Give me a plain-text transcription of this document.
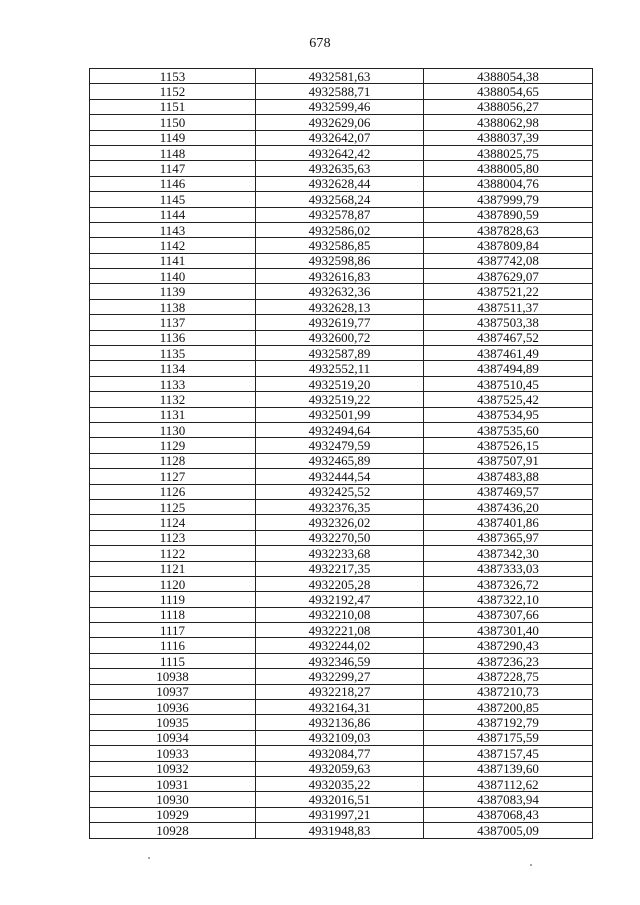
678
1153	4932581,63	4388054,38
1152	4932588,71	4388054,65
1151	4932599,46	4388056,27
1150	4932629,06	4388062,98
1149	4932642,07	4388037,39
1148	4932642,42	4388025,75
1147	4932635,63	4388005,80
1146	4932628,44	4388004,76
1145	4932568,24	4387999,79
1144	4932578,87	4387890,59
1143	4932586,02	4387828,63
1142	4932586,85	4387809,84
1141	4932598,86	4387742,08
1140	4932616,83	4387629,07
1139	4932632,36	4387521,22
1138	4932628,13	4387511,37
1137	4932619,77	4387503,38
1136	4932600,72	4387467,52
1135	4932587,89	4387461,49
1134	4932552,11	4387494,89
1133	4932519,20	4387510,45
1132	4932519,22	4387525,42
1131	4932501,99	4387534,95
1130	4932494,64	4387535,60
1129	4932479,59	4387526,15
1128	4932465,89	4387507,91
1127	4932444,54	4387483,88
1126	4932425,52	4387469,57
1125	4932376,35	4387436,20
1124	4932326,02	4387401,86
1123	4932270,50	4387365,97
1122	4932233,68	4387342,30
1121	4932217,35	4387333,03
1120	4932205,28	4387326,72
1119	4932192,47	4387322,10
1118	4932210,08	4387307,66
1117	4932221,08	4387301,40
1116	4932244,02	4387290,43
1115	4932346,59	4387236,23
10938	4932299,27	4387228,75
10937	4932218,27	4387210,73
10936	4932164,31	4387200,85
10935	4932136,86	4387192,79
10934	4932109,03	4387175,59
10933	4932084,77	4387157,45
10932	4932059,63	4387139,60
10931	4932035,22	4387112,62
10930	4932016,51	4387083,94
10929	4931997,21	4387068,43
10928	4931948,83	4387005,09
